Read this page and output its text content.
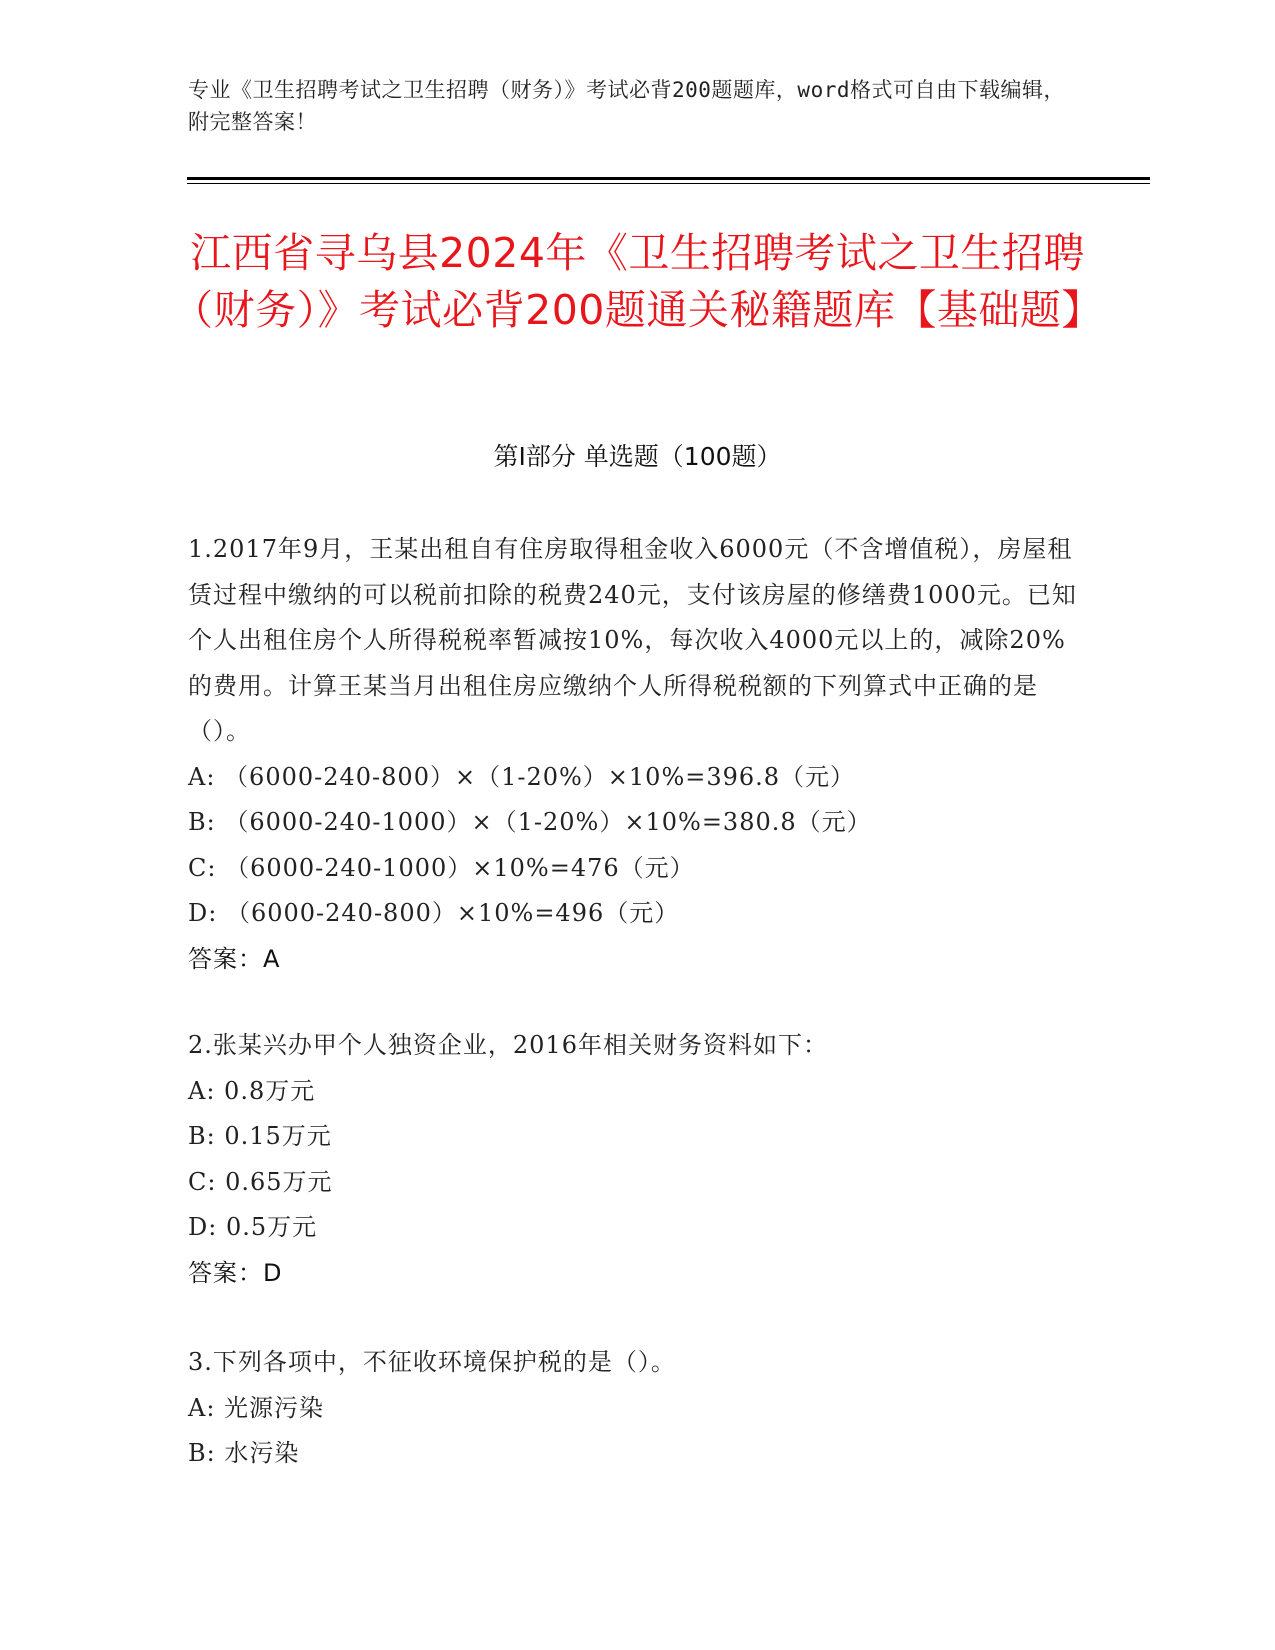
专业《卫生招聘考试之卫生招聘（财务）》考试必背200题题库，word格式可自由下载编辑，附完整答案！
江西省寻乌县2024年《卫生招聘考试之卫生招聘（财务）》考试必背200题通关秘籍题库【基础题】
第I部分 单选题（100题）

1.2017年9月，王某出租自有住房取得租金收入6000元（不含增值税），房屋租赁过程中缴纳的可以税前扣除的税费240元，支付该房屋的修缮费1000元。已知个人出租住房个人所得税税率暂减按10%，每次收入4000元以上的，减除20%的费用。计算王某当月出租住房应缴纳个人所得税税额的下列算式中正确的是（）。

A: （6000-240-800）×（1-20%）×10%=396.8（元）

B: （6000-240-1000）×（1-20%）×10%=380.8（元）

C: （6000-240-1000）×10%=476（元）

D: （6000-240-800）×10%=496（元）

答案：A

2.张某兴办甲个人独资企业，2016年相关财务资料如下：

A: 0.8万元

B: 0.15万元

C: 0.65万元

D: 0.5万元

答案：D

3.下列各项中，不征收环境保护税的是（）。

A: 光源污染

B: 水污染
